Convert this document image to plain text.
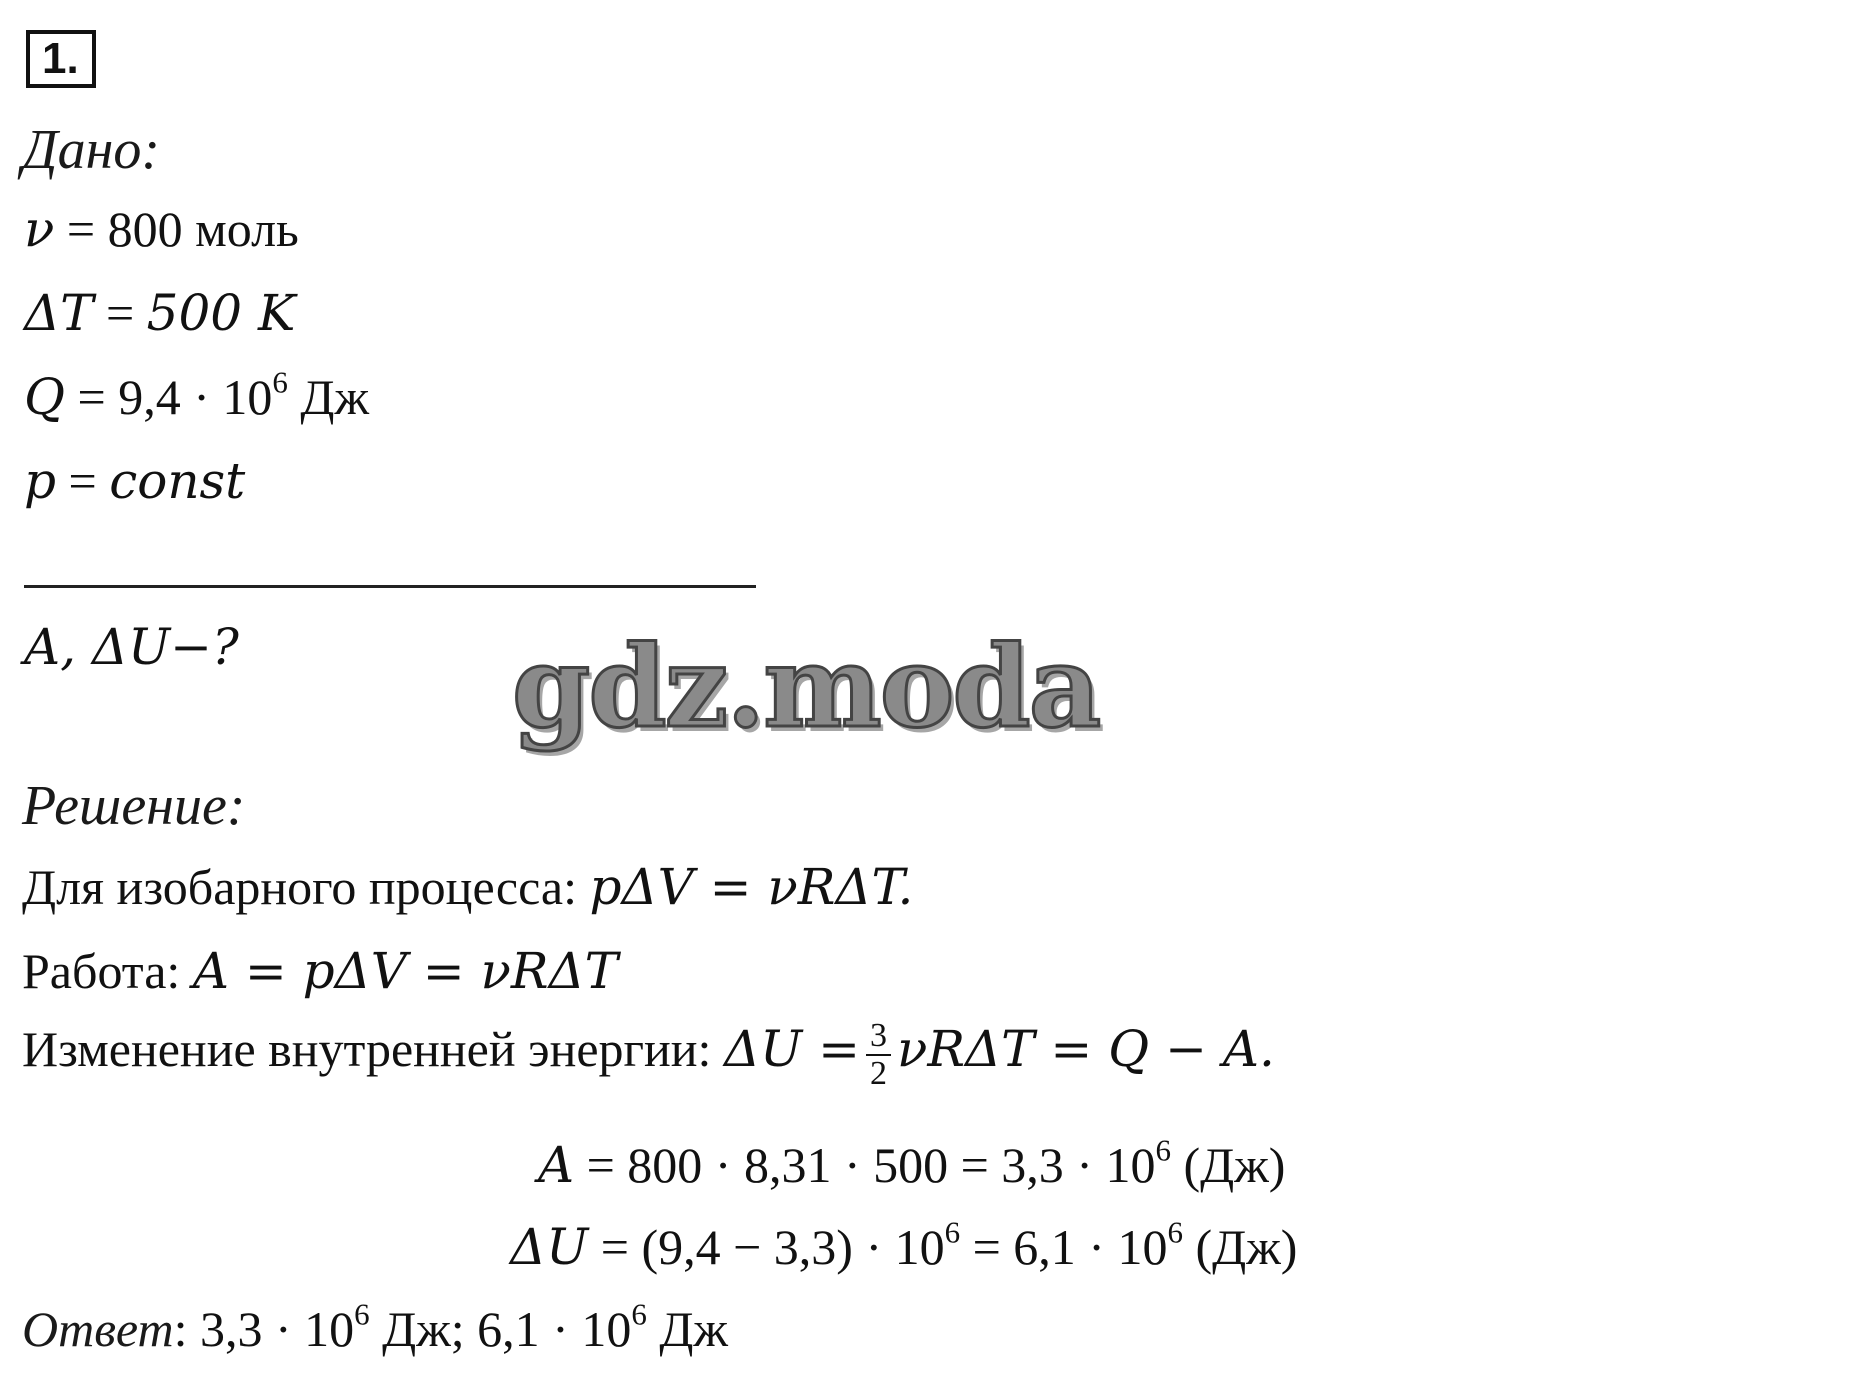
1.
Дано:
ν = 800 моль
ΔT = 500 K
$Q = 9,4 \cdot 10^6$ Дж
p = const
A, ΔU−? gdz.moda
Решение:
Для изобарного процесса: pΔV = νRΔT.
Работа: A = pΔV = νRΔT
Изменение внутренней энергии: $\Delta U = \frac{3}{2}$ νRΔT = Q − A.
$A = 800 \cdot 8,31 \cdot 500 = 3,3 \cdot 10^6$ (Дж)
$\Delta U = (9,4 - 3,3) \cdot 10^6 = 6,1 \cdot 10^6$ (Дж)
Ответ: $3,3 \cdot 10^6$ Дж; $6,1 \cdot 10^6$ Дж
